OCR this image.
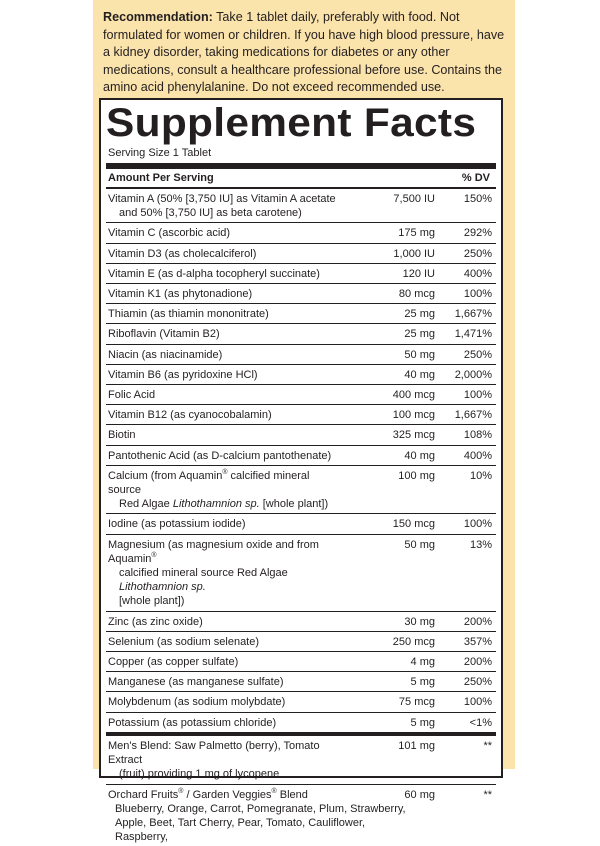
Recommendation: Take 1 tablet daily, preferably with food. Not formulated for women or children. If you have high blood pressure, have a kidney disorder, taking medications for diabetes or any other medications, consult a healthcare professional before use. Contains the amino acid phenylalanine. Do not exceed recommended use.
Supplement Facts
Serving Size 1 Tablet
Amount Per Serving	% DV
Vitamin A (50% [3,750 IU] as Vitamin A acetate
and 50% [3,750 IU] as beta carotene)
7,500 IU	150%
Vitamin C (ascorbic acid)	175 mg	292%
Vitamin D3 (as cholecalciferol)	1,000 IU	250%
Vitamin E (as d-alpha tocopheryl succinate)	120 IU	400%
Vitamin K1 (as phytonadione)	80 mcg	100%
Thiamin (as thiamin mononitrate)	25 mg 1,667%
Riboflavin (Vitamin B2)	25 mg 1,471%
Niacin (as niacinamide)	50 mg	250%
Vitamin B6 (as pyridoxine HCl)	40 mg 2,000%
Folic Acid	400 mcg	100%
Vitamin B12 (as cyanocobalamin)	100 mcg 1,667%
Biotin	325 mcg	108%
Pantothenic Acid (as D-calcium pantothenate)	40 mg	400%
Calcium (from Aquamin® calcified mineral source
Red Algae Lithothamnion sp. [whole plant])
100 mg	10%
Iodine (as potassium iodide)	150 mcg	100%
Magnesium (as magnesium oxide and from Aquamin®
calcified mineral source Red Algae Lithothamnion sp.
[whole plant])
50 mg	13%
Zinc (as zinc oxide)	30 mg	200%
Selenium (as sodium selenate)	250 mcg	357%
Copper (as copper sulfate)	4 mg	200%
Manganese (as manganese sulfate)	5 mg	250%
Molybdenum (as sodium molybdate)	75 mcg	100%
Potassium (as potassium chloride)	5 mg	<1%
Men's Blend: Saw Palmetto (berry), Tomato Extract
(fruit) providing 1 mg of lycopene
101 mg	**
Orchard Fruits® / Garden Veggies® Blend
Blueberry, Orange, Carrot, Pomegranate, Plum, Strawberry,
Apple, Beet, Tart Cherry, Pear, Tomato, Cauliflower, Raspberry,
60 mg	**
